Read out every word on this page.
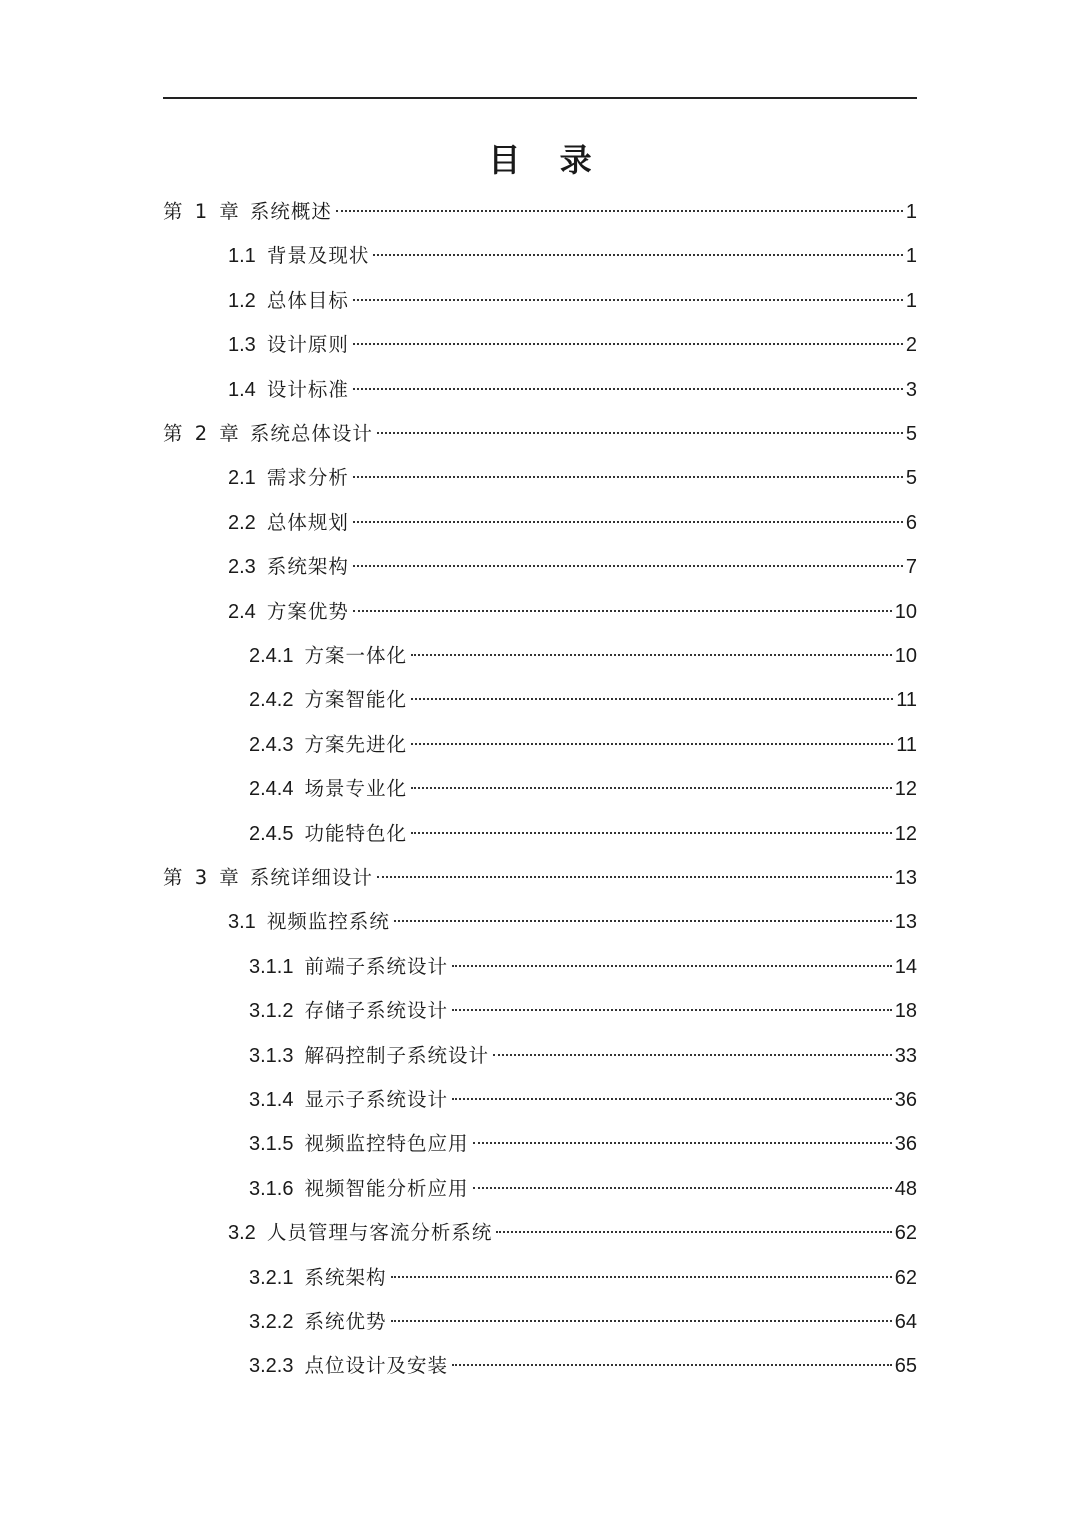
目 录
第 1 章 系统概述	1
1.1 背景及现状	1
1.2 总体目标	1
1.3 设计原则	2
1.4 设计标准	3
第 2 章 系统总体设计	5
2.1 需求分析	5
2.2 总体规划	6
2.3 系统架构	7
2.4 方案优势	10
2.4.1 方案一体化	10
2.4.2 方案智能化	11
2.4.3 方案先进化	11
2.4.4 场景专业化	12
2.4.5 功能特色化	12
第 3 章 系统详细设计	13
3.1 视频监控系统	13
3.1.1 前端子系统设计	14
3.1.2 存储子系统设计	18
3.1.3 解码控制子系统设计	33
3.1.4 显示子系统设计	36
3.1.5 视频监控特色应用	36
3.1.6 视频智能分析应用	48
3.2 人员管理与客流分析系统	62
3.2.1 系统架构	62
3.2.2 系统优势	64
3.2.3 点位设计及安装	65
